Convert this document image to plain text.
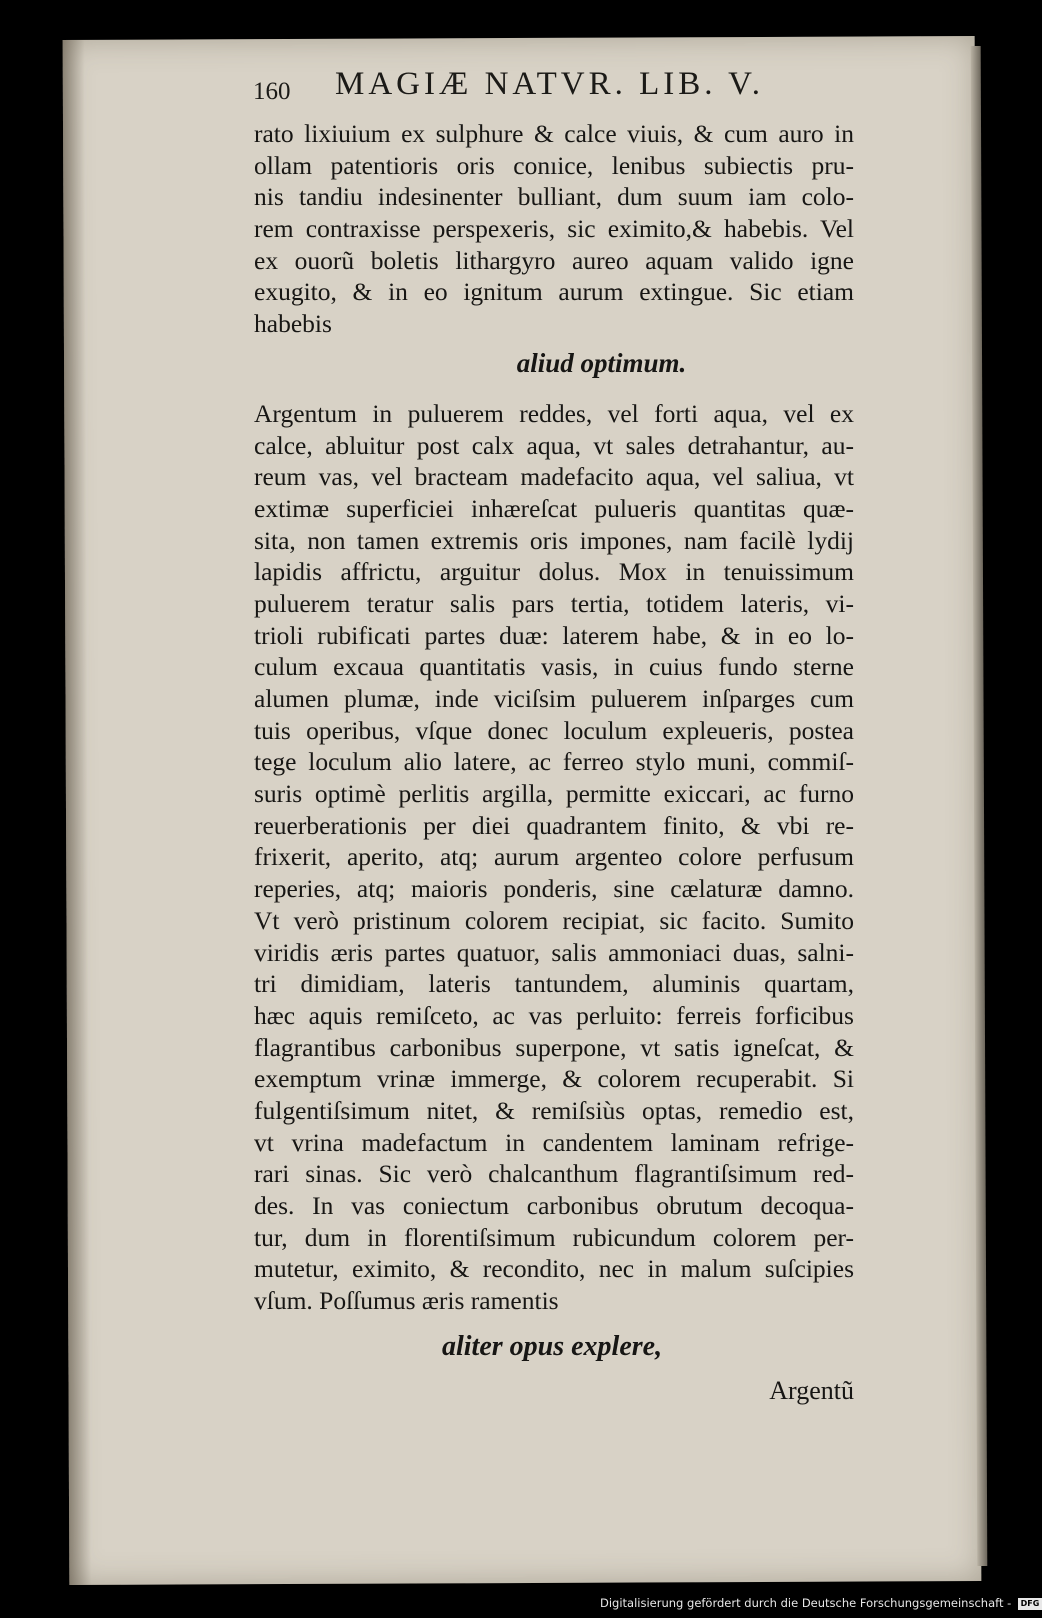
160 MAGIÆ NATVR. LIB. V.
rato lixiuium ex sulphure & calce viuis, & cum auro in
ollam patentioris oris conıice, lenibus subiectis pru-
nis tandiu indesinenter bulliant, dum suum iam colo-
rem contraxisse perspexeris, sic eximito,& habebis. Vel
ex ouorũ boletis lithargyro aureo aquam valido igne
exugito, & in eo ignitum aurum extingue. Sic etiam
habebis
aliud optimum.
Argentum in puluerem reddes, vel forti aqua, vel ex
calce, abluitur post calx aqua, vt sales detrahantur, au-
reum vas, vel bracteam madefacito aqua, vel saliua, vt
extimæ superficiei inhæreſcat pulueris quantitas quæ-
sita, non tamen extremis oris impones, nam facilè lydij
lapidis affrictu, arguitur dolus. Mox in tenuissimum
puluerem teratur salis pars tertia, totidem lateris, vi-
trioli rubificati partes duæ: laterem habe, & in eo lo-
culum excaua quantitatis vasis, in cuius fundo sterne
alumen plumæ, inde viciſsim puluerem inſparges cum
tuis operibus, vſque donec loculum expleueris, postea
tege loculum alio latere, ac ferreo stylo muni, commiſ-
suris optimè perlitis argilla, permitte exiccari, ac furno
reuerberationis per diei quadrantem finito, & vbi re-
frixerit, aperito, atq; aurum argenteo colore perfusum
reperies, atq; maioris ponderis, sine cælaturæ damno.
Vt verò pristinum colorem recipiat, sic facito. Sumito
viridis æris partes quatuor, salis ammoniaci duas, salni-
tri dimidiam, lateris tantundem, aluminis quartam,
hæc aquis remiſceto, ac vas perluito: ferreis forficibus
flagrantibus carbonibus superpone, vt satis igneſcat, &
exemptum vrinæ immerge, & colorem recuperabit. Si
fulgentiſsimum nitet, & remiſsiùs optas, remedio est,
vt vrina madefactum in candentem laminam refrige-
rari sinas. Sic verò chalcanthum flagrantiſsimum red-
des. In vas coniectum carbonibus obrutum decoqua-
tur, dum in florentiſsimum rubicundum colorem per-
mutetur, eximito, & recondito, nec in malum suſcipies
vſum. Poſſumus æris ramentis
aliter opus explere,
Argentũ
Digitalisierung gefördert durch die Deutsche Forschungsgemeinschaft - DFG
